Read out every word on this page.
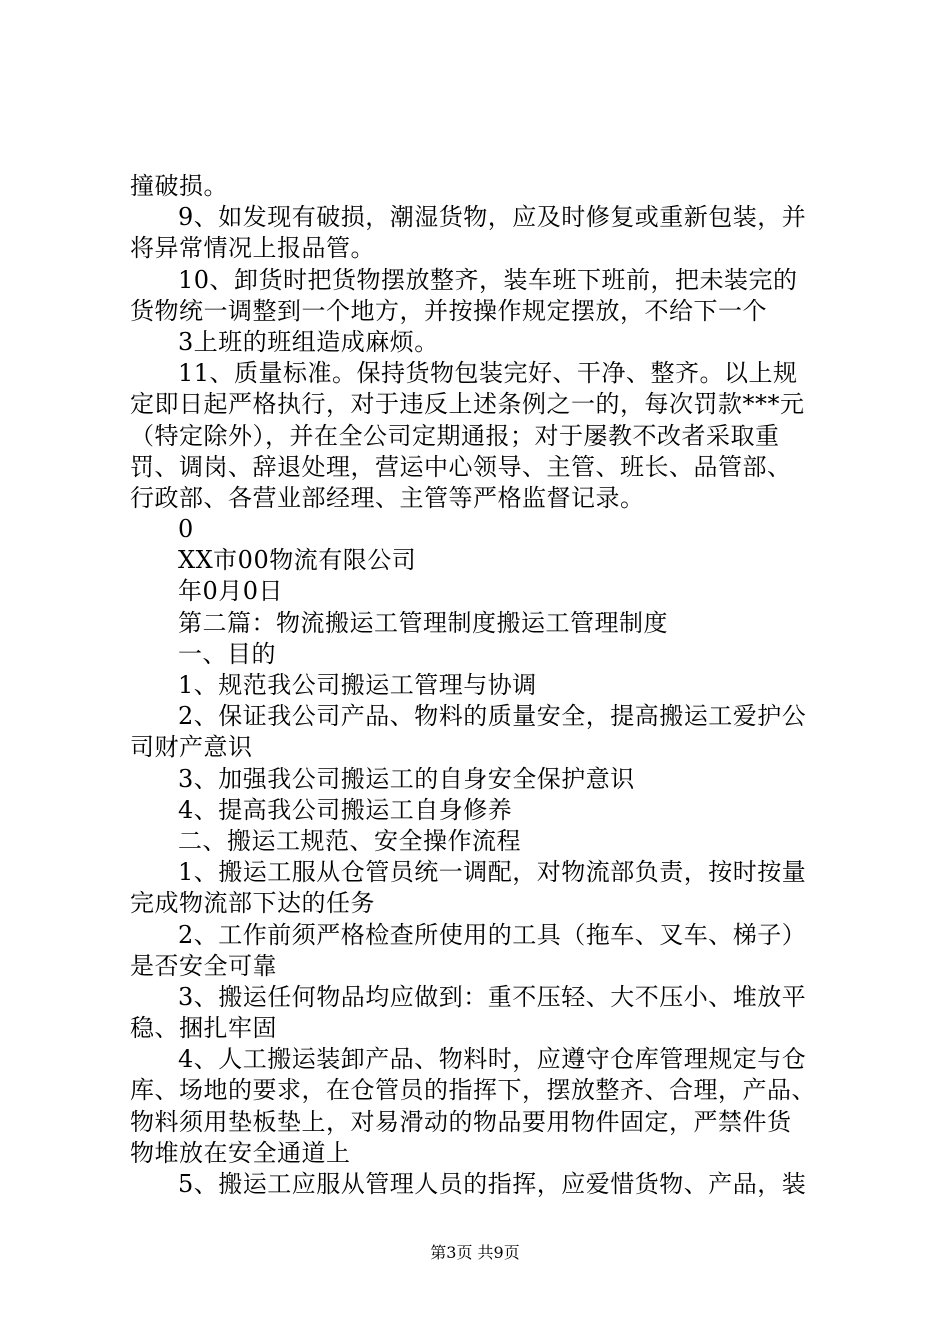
撞破损。
9、如发现有破损，潮湿货物，应及时修复或重新包装，并
将异常情况上报品管。
10、卸货时把货物摆放整齐，装车班下班前，把未装完的
货物统一调整到一个地方，并按操作规定摆放，不给下一个
3上班的班组造成麻烦。
11、质量标准。保持货物包装完好、干净、整齐。以上规
定即日起严格执行，对于违反上述条例之一的，每次罚款***元
（特定除外），并在全公司定期通报；对于屡教不改者采取重
罚、调岗、辞退处理，营运中心领导、主管、班长、品管部、
行政部、各营业部经理、主管等严格监督记录。
0
XX市00物流有限公司
年0月0日
第二篇：物流搬运工管理制度搬运工管理制度
一、目的
1、规范我公司搬运工管理与协调
2、保证我公司产品、物料的质量安全，提高搬运工爱护公
司财产意识
3、加强我公司搬运工的自身安全保护意识
4、提高我公司搬运工自身修养
二、搬运工规范、安全操作流程
1、搬运工服从仓管员统一调配，对物流部负责，按时按量
完成物流部下达的任务
2、工作前须严格检查所使用的工具（拖车、叉车、梯子）
是否安全可靠
3、搬运任何物品均应做到：重不压轻、大不压小、堆放平
稳、捆扎牢固
4、人工搬运装卸产品、物料时，应遵守仓库管理规定与仓
库、场地的要求，在仓管员的指挥下，摆放整齐、合理，产品、
物料须用垫板垫上，对易滑动的物品要用物件固定，严禁件货
物堆放在安全通道上
5、搬运工应服从管理人员的指挥，应爱惜货物、产品，装
第3页 共9页
